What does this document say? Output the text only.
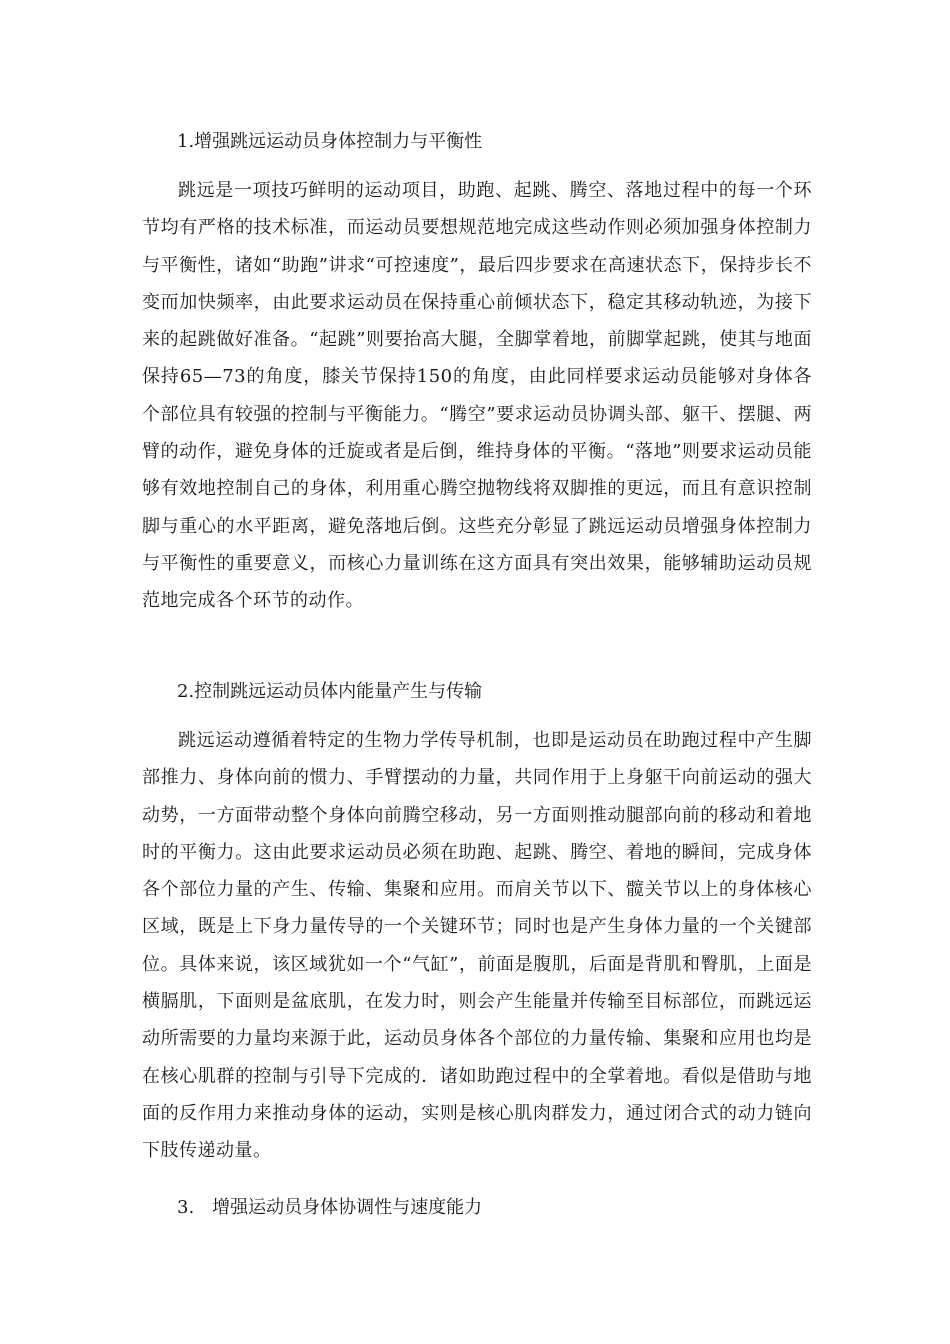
1.增强跳远运动员身体控制力与平衡性
跳远是一项技巧鲜明的运动项目，助跑、起跳、腾空、落地过程中的每一个环节均有严格的技术标准，而运动员要想规范地完成这些动作则必须加强身体控制力与平衡性，诸如“助跑”讲求“可控速度”，最后四步要求在高速状态下，保持步长不变而加快频率，由此要求运动员在保持重心前倾状态下，稳定其移动轨迹，为接下来的起跳做好准备。“起跳”则要抬高大腿，全脚掌着地，前脚掌起跳，使其与地面保持65—73的角度，膝关节保持150的角度，由此同样要求运动员能够对身体各个部位具有较强的控制与平衡能力。“腾空”要求运动员协调头部、躯干、摆腿、两臂的动作，避免身体的迁旋或者是后倒，维持身体的平衡。“落地”则要求运动员能够有效地控制自己的身体，利用重心腾空抛物线将双脚推的更远，而且有意识控制脚与重心的水平距离，避免落地后倒。这些充分彰显了跳远运动员增强身体控制力与平衡性的重要意义，而核心力量训练在这方面具有突出效果，能够辅助运动员规范地完成各个环节的动作。
2.控制跳远运动员体内能量产生与传输
跳远运动遵循着特定的生物力学传导机制，也即是运动员在助跑过程中产生脚部推力、身体向前的惯力、手臂摆动的力量，共同作用于上身躯干向前运动的强大动势，一方面带动整个身体向前腾空移动，另一方面则推动腿部向前的移动和着地时的平衡力。这由此要求运动员必须在助跑、起跳、腾空、着地的瞬间，完成身体各个部位力量的产生、传输、集聚和应用。而肩关节以下、髋关节以上的身体核心区域，既是上下身力量传导的一个关键环节；同时也是产生身体力量的一个关键部位。具体来说，该区域犹如一个“气缸”，前面是腹肌，后面是背肌和臀肌，上面是横膈肌，下面则是盆底肌，在发力时，则会产生能量并传输至目标部位，而跳远运动所需要的力量均来源于此，运动员身体各个部位的力量传输、集聚和应用也均是在核心肌群的控制与引导下完成的．诸如助跑过程中的全掌着地。看似是借助与地面的反作用力来推动身体的运动，实则是核心肌肉群发力，通过闭合式的动力链向下肢传递动量。
3.　增强运动员身体协调性与速度能力
